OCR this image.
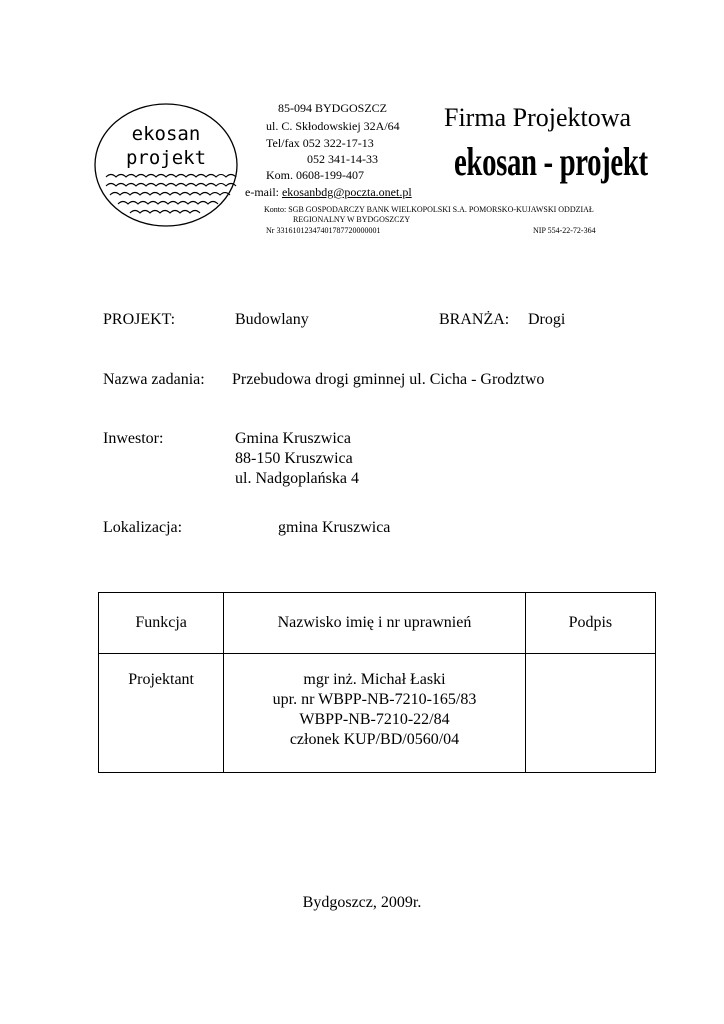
ekosan
projekt
85-094 BYDGOSZCZ
ul. C. Skłodowskiej 32A/64
Tel/fax 052 322-17-13
052 341-14-33
Kom. 0608-199-407
e-mail: ekosanbdg@poczta.onet.pl
Konto: SGB GOSPODARCZY BANK WIELKOPOLSKI S.A. POMORSKO-KUJAWSKI ODDZIAŁ
REGIONALNY W BYDGOSZCZY
Nr 33161012347401787720000001	NIP 554-22-72-364
Firma Projektowa
ekosan - projekt
PROJEKT:	Budowlany	BRANŻA: Drogi
Nazwa zadania: Przebudowa drogi gminnej ul. Cicha - Grodztwo
Inwestor:	Gmina Kruszwica
88-150 Kruszwica
ul. Nadgoplańska 4
Lokalizacja:	gmina Kruszwica
Funkcja	Nazwisko imię i nr uprawnień	Podpis
Projektant	mgr inż. Michał Łaski
upr. nr WBPP-NB-7210-165/83
WBPP-NB-7210-22/84
członek KUP/BD/0560/04	

Bydgoszcz, 2009r.
